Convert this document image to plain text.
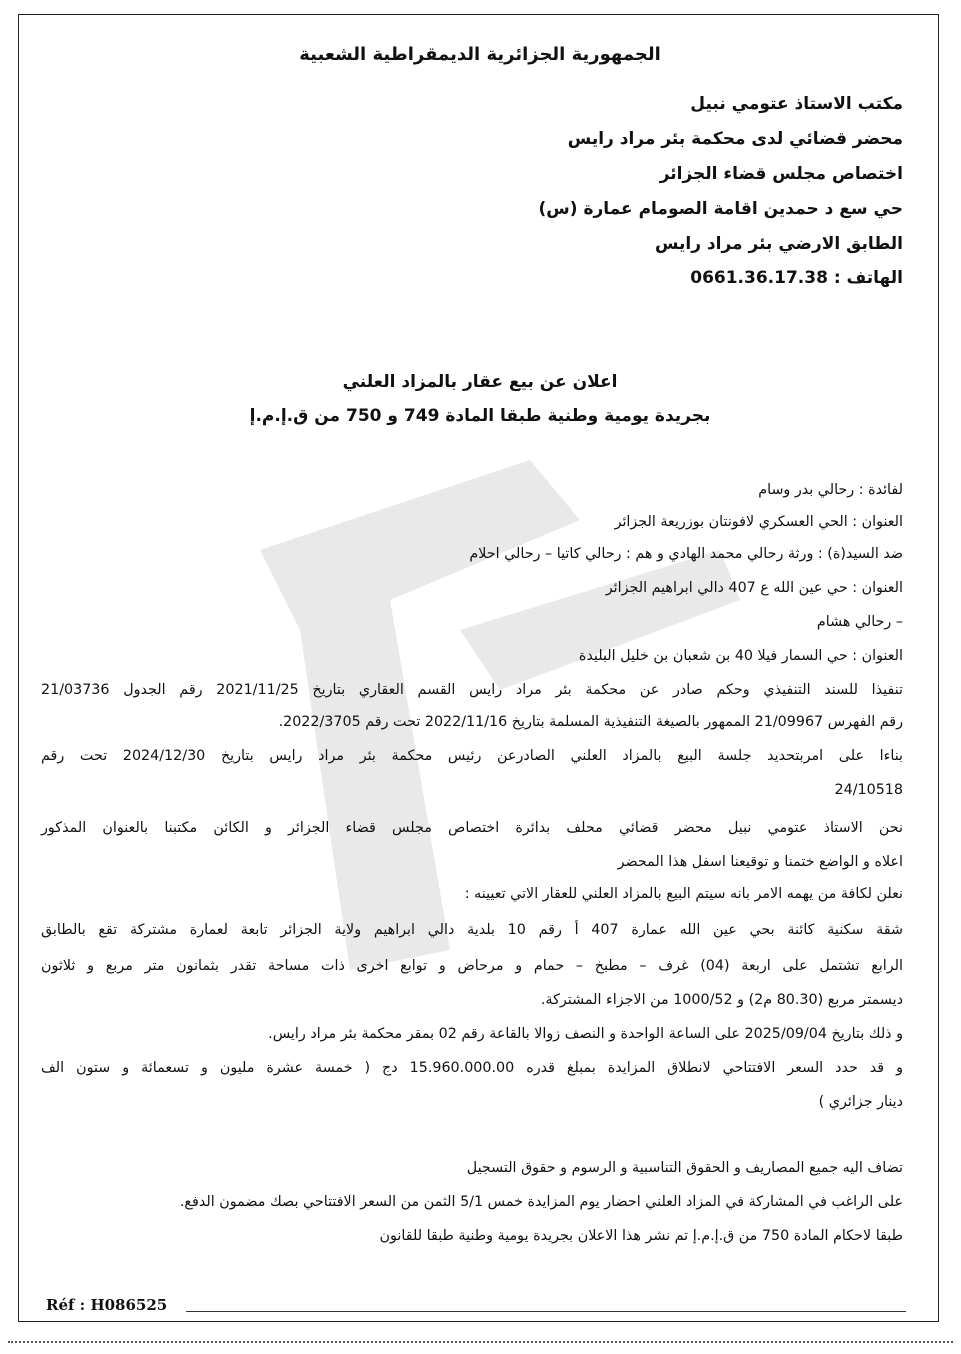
الجمهورية الجزائرية الديمقراطية الشعبية
مكتب الاستاذ عتومي نبيل
محضر قضائي لدى محكمة بئر مراد رايس
اختصاص مجلس قضاء الجزائر
حي سع د حمدين اقامة الصومام عمارة (س)
الطابق الارضي بئر مراد رايس
الهاتف : 0661.36.17.38
اعلان عن بيع عقار بالمزاد العلني
بجريدة يومية وطنية طبقا المادة 749 و 750 من ق.إ.م.إ
لفائدة : رحالي بدر وسام
العنوان : الحي العسكري لافونتان بوزريعة الجزائر
ضد السيد(ة) : ورثة رحالي محمد الهادي و هم : رحالي كاتيا – رحالي احلام
العنوان : حي عين الله ع 407 دالي ابراهيم الجزائر
– رحالي هشام
العنوان : حي السمار فيلا 40 بن شعبان بن خليل البليدة
تنفيذا للسند التنفيذي وحكم صادر عن محكمة بئر مراد رايس القسم العقاري بتاريخ 2021/11/25 رقم الجدول 21/03736
رقم الفهرس 21/09967 الممهور بالصيغة التنفيذية المسلمة بتاريخ 2022/11/16 تحت رقم 2022/3705.
بناءا على امربتحديد جلسة البيع بالمزاد العلني الصادرعن رئيس محكمة بئر مراد رايس بتاريخ 2024/12/30 تحت رقم
24/10518
نحن الاستاذ عتومي نبيل محضر قضائي محلف بدائرة اختصاص مجلس قضاء الجزائر و الكائن مكتبنا بالعنوان المذكور
اعلاه و الواضع ختمنا و توقيعنا اسفل هذا المحضر
نعلن لكافة من يهمه الامر بانه سيتم البيع بالمزاد العلني للعقار الاتي تعيينه :
شقة سكنية كائنة بحي عين الله عمارة 407 أ رقم 10 بلدية دالي ابراهيم ولاية الجزائر تابعة لعمارة مشتركة تقع بالطابق
الرابع تشتمل على اربعة (04) غرف – مطبخ – حمام و مرحاض و توابع اخرى ذات مساحة تقدر بثمانون متر مربع و ثلاثون
ديسمتر مربع (80.30 م2) و 1000/52 من الاجزاء المشتركة.
و ذلك بتاريخ 2025/09/04 على الساعة الواحدة و النصف زوالا بالقاعة رقم 02 بمقر محكمة بئر مراد رايس.
و قد حدد السعر الافتتاحي لانطلاق المزايدة بمبلغ قدره 15.960.000.00 دج ( خمسة عشرة مليون و تسعمائة و ستون الف
دينار جزائري )
تضاف اليه جميع المصاريف و الحقوق التناسبية و الرسوم و حقوق التسجيل
على الراغب في المشاركة في المزاد العلني احضار يوم المزايدة خمس 5/1 الثمن من السعر الافتتاحي بصك مضمون الدفع.
طبقا لاحكام المادة 750 من ق.إ.م.إ تم نشر هذا الاعلان بجريدة يومية وطنية طبقا للقانون
Réf : H086525
